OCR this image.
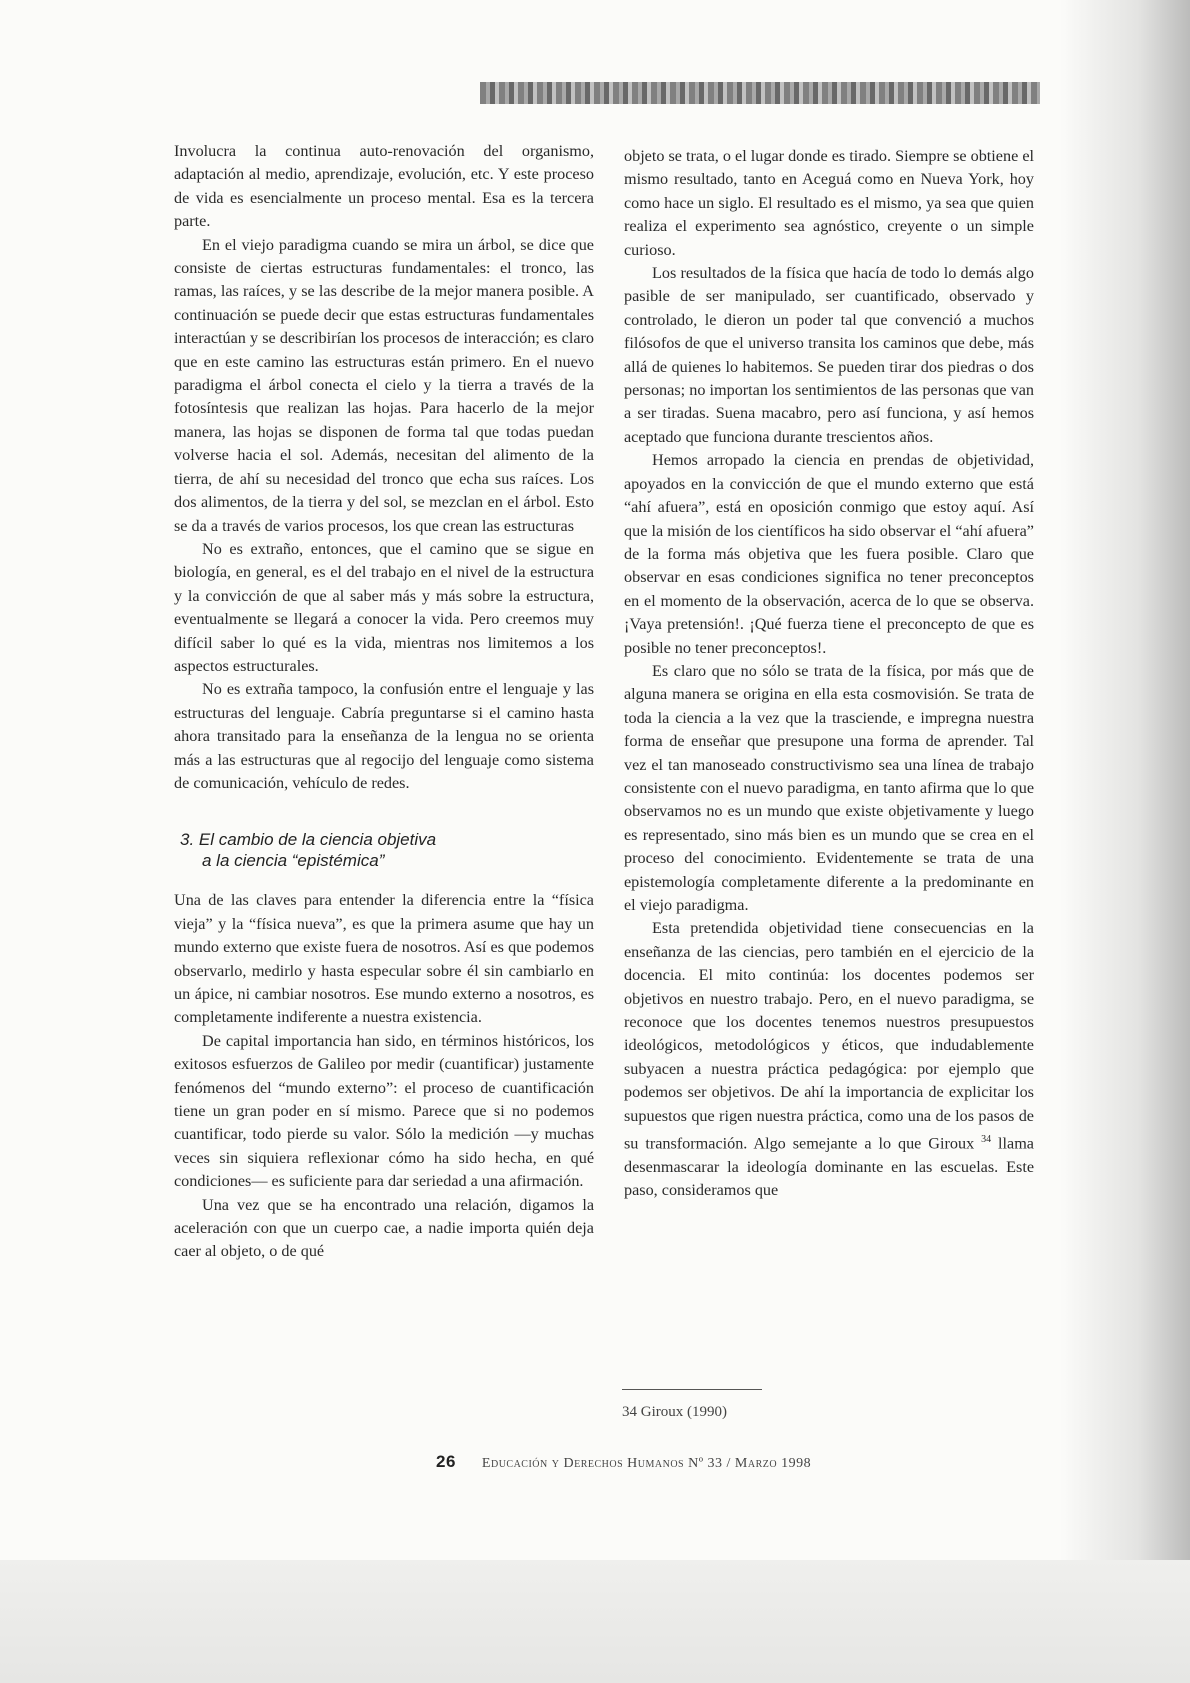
Involucra la continua auto-renovación del organismo, adaptación al medio, aprendizaje, evolución, etc. Y este proceso de vida es esencialmente un proceso mental. Esa es la tercera parte.

En el viejo paradigma cuando se mira un árbol, se dice que consiste de ciertas estructuras fundamentales: el tronco, las ramas, las raíces, y se las describe de la mejor manera posible. A continuación se puede decir que estas estructuras fundamentales interactúan y se describirían los procesos de interacción; es claro que en este camino las estructuras están primero. En el nuevo paradigma el árbol conecta el cielo y la tierra a través de la fotosíntesis que realizan las hojas. Para hacerlo de la mejor manera, las hojas se disponen de forma tal que todas puedan volverse hacia el sol. Además, necesitan del alimento de la tierra, de ahí su necesidad del tronco que echa sus raíces. Los dos alimentos, de la tierra y del sol, se mezclan en el árbol. Esto se da a través de varios procesos, los que crean las estructuras

No es extraño, entonces, que el camino que se sigue en biología, en general, es el del trabajo en el nivel de la estructura y la convicción de que al saber más y más sobre la estructura, eventualmente se llegará a conocer la vida. Pero creemos muy difícil saber lo qué es la vida, mientras nos limitemos a los aspectos estructurales.

No es extraña tampoco, la confusión entre el lenguaje y las estructuras del lenguaje. Cabría preguntarse si el camino hasta ahora transitado para la enseñanza de la lengua no se orienta más a las estructuras que al regocijo del lenguaje como sistema de comunicación, vehículo de redes.

3. El cambio de la ciencia objetiva
a la ciencia “epistémica”

Una de las claves para entender la diferencia entre la “física vieja” y la “física nueva”, es que la primera asume que hay un mundo externo que existe fuera de nosotros. Así es que podemos observarlo, medirlo y hasta especular sobre él sin cambiarlo en un ápice, ni cambiar nosotros. Ese mundo externo a nosotros, es completamente indiferente a nuestra existencia.

De capital importancia han sido, en términos históricos, los exitosos esfuerzos de Galileo por medir (cuantificar) justamente fenómenos del “mundo externo”: el proceso de cuantificación tiene un gran poder en sí mismo. Parece que si no podemos cuantificar, todo pierde su valor. Sólo la medición —y muchas veces sin siquiera reflexionar cómo ha sido hecha, en qué condiciones— es suficiente para dar seriedad a una afirmación.

Una vez que se ha encontrado una relación, digamos la aceleración con que un cuerpo cae, a nadie importa quién deja caer al objeto, o de qué

objeto se trata, o el lugar donde es tirado. Siempre se obtiene el mismo resultado, tanto en Aceguá como en Nueva York, hoy como hace un siglo. El resultado es el mismo, ya sea que quien realiza el experimento sea agnóstico, creyente o un simple curioso.

Los resultados de la física que hacía de todo lo demás algo pasible de ser manipulado, ser cuantificado, observado y controlado, le dieron un poder tal que convenció a muchos filósofos de que el universo transita los caminos que debe, más allá de quienes lo habitemos. Se pueden tirar dos piedras o dos personas; no importan los sentimientos de las personas que van a ser tiradas. Suena macabro, pero así funciona, y así hemos aceptado que funciona durante trescientos años.

Hemos arropado la ciencia en prendas de objetividad, apoyados en la convicción de que el mundo externo que está “ahí afuera”, está en oposición conmigo que estoy aquí. Así que la misión de los científicos ha sido observar el “ahí afuera” de la forma más objetiva que les fuera posible. Claro que observar en esas condiciones significa no tener preconceptos en el momento de la observación, acerca de lo que se observa. ¡Vaya pretensión!. ¡Qué fuerza tiene el preconcepto de que es posible no tener preconceptos!.

Es claro que no sólo se trata de la física, por más que de alguna manera se origina en ella esta cosmovisión. Se trata de toda la ciencia a la vez que la trasciende, e impregna nuestra forma de enseñar que presupone una forma de aprender. Tal vez el tan manoseado constructivismo sea una línea de trabajo consistente con el nuevo paradigma, en tanto afirma que lo que observamos no es un mundo que existe objetivamente y luego es representado, sino más bien es un mundo que se crea en el proceso del conocimiento. Evidentemente se trata de una epistemología completamente diferente a la predominante en el viejo paradigma.

Esta pretendida objetividad tiene consecuencias en la enseñanza de las ciencias, pero también en el ejercicio de la docencia. El mito continúa: los docentes podemos ser objetivos en nuestro trabajo. Pero, en el nuevo paradigma, se reconoce que los docentes tenemos nuestros presupuestos ideológicos, metodológicos y éticos, que indudablemente subyacen a nuestra práctica pedagógica: por ejemplo que podemos ser objetivos. De ahí la importancia de explicitar los supuestos que rigen nuestra práctica, como una de los pasos de su transformación. Algo semejante a lo que Giroux $^{34}$ llama desenmascarar la ideología dominante en las escuelas. Este paso, consideramos que

34 Giroux (1990)
26 Educación y Derechos Humanos Nº 33 / Marzo 1998
